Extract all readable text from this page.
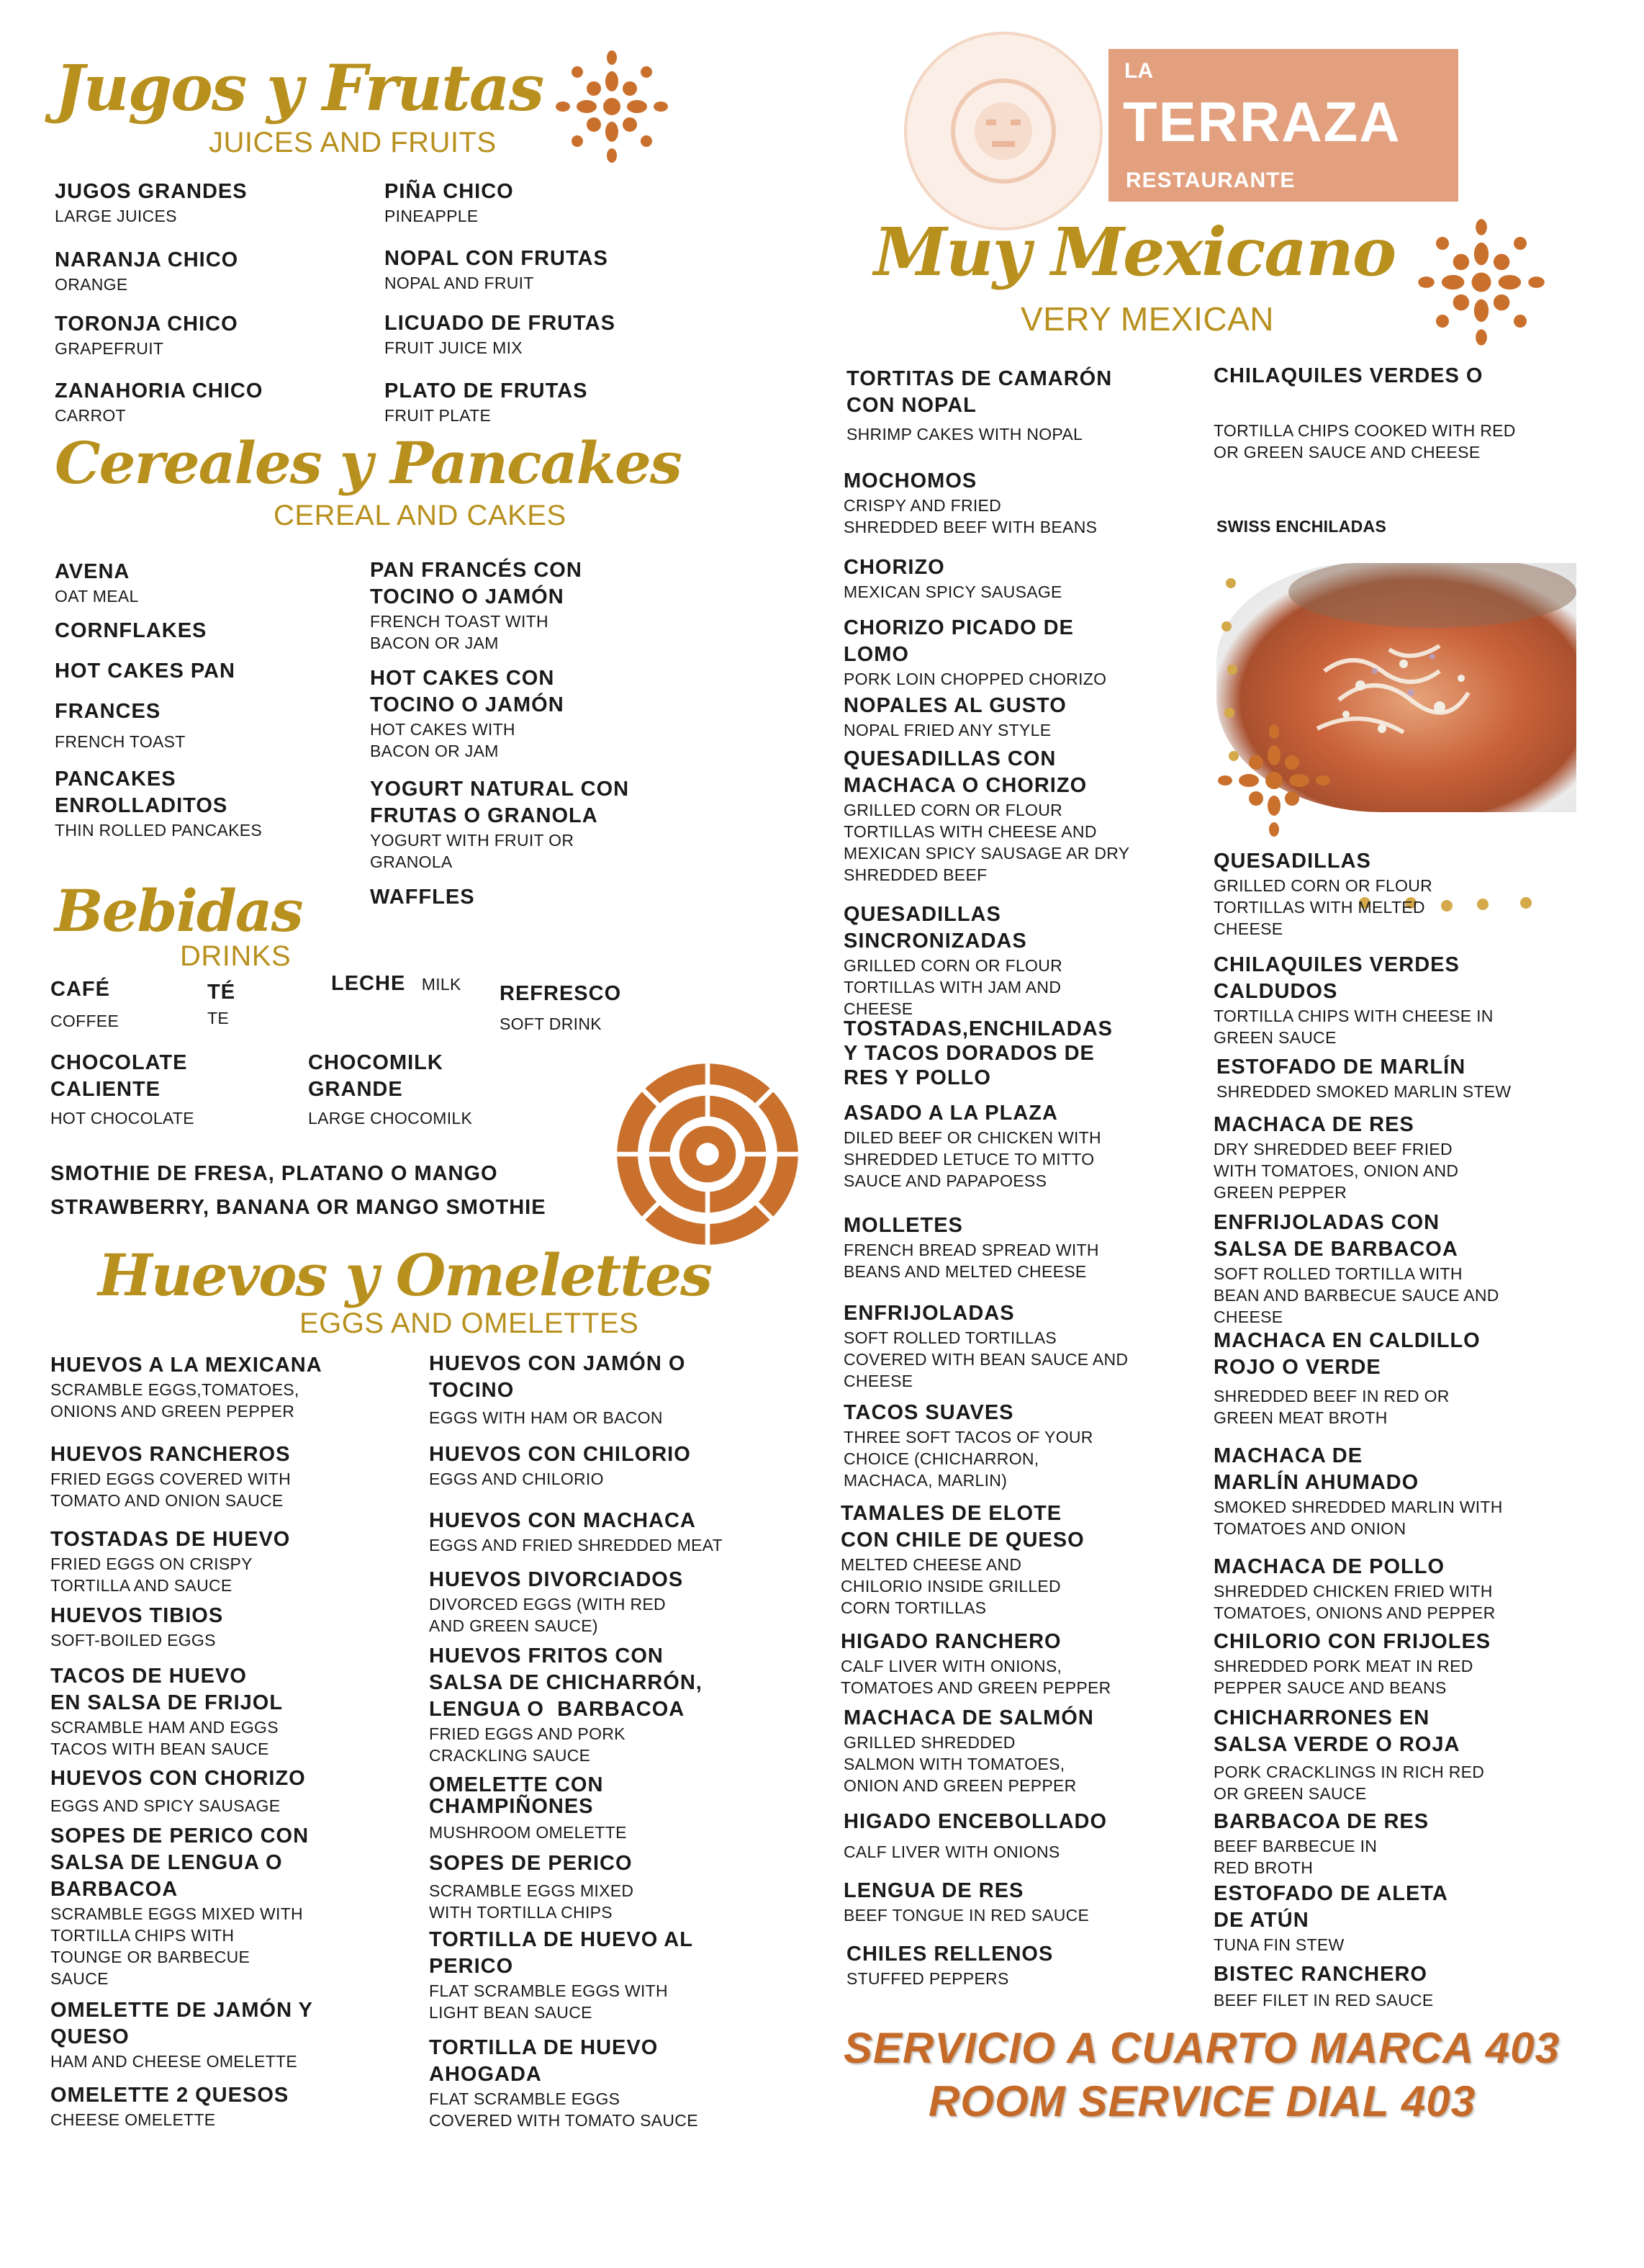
LA
TERRAZA
RESTAURANTE
Jugos y Frutas
JUICES AND FRUITS
JUGOS GRANDES
LARGE JUICES
NARANJA CHICO
ORANGE
TORONJA CHICO
GRAPEFRUIT
ZANAHORIA CHICO
CARROT
PIÑA CHICO
PINEAPPLE
NOPAL CON FRUTAS
NOPAL AND FRUIT
LICUADO DE FRUTAS
FRUIT JUICE MIX
PLATO DE FRUTAS
FRUIT PLATE
Cereales y Pancakes
CEREAL AND CAKES
AVENA
OAT MEAL
CORNFLAKES
HOT CAKES PAN
FRANCES
FRENCH TOAST
PANCAKES
ENROLLADITOS
THIN ROLLED PANCAKES
PAN FRANCÉS CON
TOCINO O JAMÓN
FRENCH TOAST WITH
BACON OR JAM
HOT CAKES CON
TOCINO O JAMÓN
HOT CAKES WITH
BACON OR JAM
YOGURT NATURAL CON
FRUTAS O GRANOLA
YOGURT WITH FRUIT OR
GRANOLA
WAFFLES
Bebidas
DRINKS
CAFÉ
COFFEE
TÉ
TE
LECHE MILK REFRESCO
SOFT DRINK
CHOCOLATE
CALIENTE
HOT CHOCOLATE
CHOCOMILK
GRANDE
LARGE CHOCOMILK
SMOTHIE DE FRESA, PLATANO O MANGO
STRAWBERRY, BANANA OR MANGO SMOTHIE
Huevos y Omelettes
EGGS AND OMELETTES
HUEVOS A LA MEXICANA
SCRAMBLE EGGS,TOMATOES,
ONIONS AND GREEN PEPPER
HUEVOS RANCHEROS
FRIED EGGS COVERED WITH
TOMATO AND ONION SAUCE
TOSTADAS DE HUEVO
FRIED EGGS ON CRISPY
TORTILLA AND SAUCE
HUEVOS TIBIOS
SOFT-BOILED EGGS
TACOS DE HUEVO
EN SALSA DE FRIJOL
SCRAMBLE HAM AND EGGS
TACOS WITH BEAN SAUCE
HUEVOS CON CHORIZO
EGGS AND SPICY SAUSAGE
SOPES DE PERICO CON
SALSA DE LENGUA O
BARBACOA
SCRAMBLE EGGS MIXED WITH
TORTILLA CHIPS WITH
TOUNGE OR BARBECUE
SAUCE
OMELETTE DE JAMÓN Y
QUESO
HAM AND CHEESE OMELETTE
OMELETTE 2 QUESOS
CHEESE OMELETTE
HUEVOS CON JAMÓN O
TOCINO
EGGS WITH HAM OR BACON
HUEVOS CON CHILORIO
EGGS AND CHILORIO
HUEVOS CON MACHACA
EGGS AND FRIED SHREDDED MEAT
HUEVOS DIVORCIADOS
DIVORCED EGGS (WITH RED
AND GREEN SAUCE)
HUEVOS FRITOS CON
SALSA DE CHICHARRÓN,
LENGUA O  BARBACOA
FRIED EGGS AND PORK
CRACKLING SAUCE
OMELETTE CON
CHAMPIÑONES
MUSHROOM OMELETTE
SOPES DE PERICO
SCRAMBLE EGGS MIXED
WITH TORTILLA CHIPS
TORTILLA DE HUEVO AL
PERICO
FLAT SCRAMBLE EGGS WITH
LIGHT BEAN SAUCE
TORTILLA DE HUEVO
AHOGADA
FLAT SCRAMBLE EGGS
COVERED WITH TOMATO SAUCE
Muy Mexicano
VERY MEXICAN
TORTITAS DE CAMARÓN
CON NOPAL
SHRIMP CAKES WITH NOPAL
MOCHOMOS
CRISPY AND FRIED
SHREDDED BEEF WITH BEANS
CHORIZO
MEXICAN SPICY SAUSAGE
CHORIZO PICADO DE
LOMO
PORK LOIN CHOPPED CHORIZO
NOPALES AL GUSTO
NOPAL FRIED ANY STYLE
QUESADILLAS CON
MACHACA O CHORIZO
GRILLED CORN OR FLOUR
TORTILLAS WITH CHEESE AND
MEXICAN SPICY SAUSAGE AR DRY
SHREDDED BEEF
QUESADILLAS
SINCRONIZADAS
GRILLED CORN OR FLOUR
TORTILLAS WITH JAM AND
CHEESE
TOSTADAS,ENCHILADAS
Y TACOS DORADOS DE
RES Y POLLO
ASADO A LA PLAZA
DILED BEEF OR CHICKEN WITH
SHREDDED LETUCE TO MITTO
SAUCE AND PAPAPOESS
MOLLETES
FRENCH BREAD SPREAD WITH
BEANS AND MELTED CHEESE
ENFRIJOLADAS
SOFT ROLLED TORTILLAS
COVERED WITH BEAN SAUCE AND
CHEESE
TACOS SUAVES
THREE SOFT TACOS OF YOUR
CHOICE (CHICHARRON,
MACHACA, MARLIN)
TAMALES DE ELOTE
CON CHILE DE QUESO
MELTED CHEESE AND
CHILORIO INSIDE GRILLED
CORN TORTILLAS
HIGADO RANCHERO
CALF LIVER WITH ONIONS,
TOMATOES AND GREEN PEPPER
MACHACA DE SALMÓN
GRILLED SHREDDED
SALMON WITH TOMATOES,
ONION AND GREEN PEPPER
HIGADO ENCEBOLLADO
CALF LIVER WITH ONIONS
LENGUA DE RES
BEEF TONGUE IN RED SAUCE
CHILES RELLENOS
STUFFED PEPPERS
CHILAQUILES VERDES O
TORTILLA CHIPS COOKED WITH RED
OR GREEN SAUCE AND CHEESE
SWISS ENCHILADAS
QUESADILLAS
GRILLED CORN OR FLOUR
TORTILLAS WITH MELTED
CHEESE
CHILAQUILES VERDES
CALDUDOS
TORTILLA CHIPS WITH CHEESE IN
GREEN SAUCE
ESTOFADO DE MARLÍN
SHREDDED SMOKED MARLIN STEW
MACHACA DE RES
DRY SHREDDED BEEF FRIED
WITH TOMATOES, ONION AND
GREEN PEPPER
ENFRIJOLADAS CON
SALSA DE BARBACOA
SOFT ROLLED TORTILLA WITH
BEAN AND BARBECUE SAUCE AND
CHEESE
MACHACA EN CALDILLO
ROJO O VERDE
SHREDDED BEEF IN RED OR
GREEN MEAT BROTH
MACHACA DE
MARLÍN AHUMADO
SMOKED SHREDDED MARLIN WITH
TOMATOES AND ONION
MACHACA DE POLLO
SHREDDED CHICKEN FRIED WITH
TOMATOES, ONIONS AND PEPPER
CHILORIO CON FRIJOLES
SHREDDED PORK MEAT IN RED
PEPPER SAUCE AND BEANS
CHICHARRONES EN
SALSA VERDE O ROJA
PORK CRACKLINGS IN RICH RED
OR GREEN SAUCE
BARBACOA DE RES
BEEF BARBECUE IN
RED BROTH
ESTOFADO DE ALETA
DE ATÚN
TUNA FIN STEW
BISTEC RANCHERO
BEEF FILET IN RED SAUCE
SERVICIO A CUARTO MARCA 403
ROOM SERVICE DIAL 403
